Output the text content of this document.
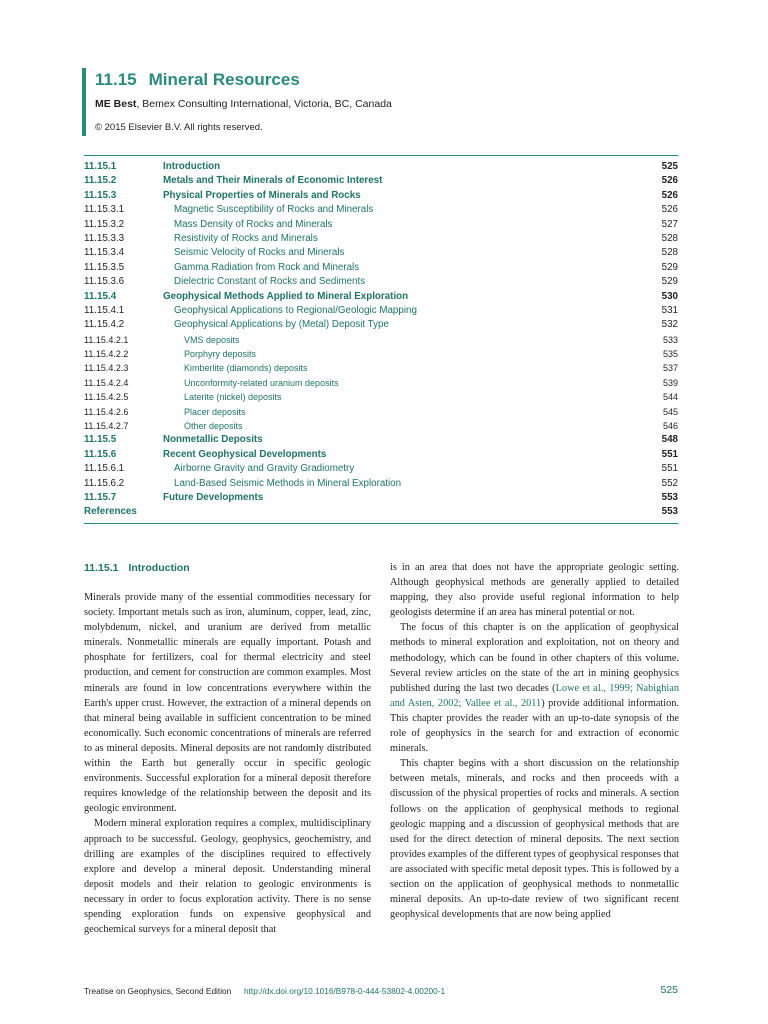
11.15 Mineral Resources
ME Best, Bemex Consulting International, Victoria, BC, Canada
© 2015 Elsevier B.V. All rights reserved.
11.15.1	Introduction	525
11.15.2	Metals and Their Minerals of Economic Interest	526
11.15.3	Physical Properties of Minerals and Rocks	526
11.15.3.1	Magnetic Susceptibility of Rocks and Minerals	526
11.15.3.2	Mass Density of Rocks and Minerals	527
11.15.3.3	Resistivity of Rocks and Minerals	528
11.15.3.4	Seismic Velocity of Rocks and Minerals	528
11.15.3.5	Gamma Radiation from Rock and Minerals	529
11.15.3.6	Dielectric Constant of Rocks and Sediments	529
11.15.4	Geophysical Methods Applied to Mineral Exploration	530
11.15.4.1	Geophysical Applications to Regional/Geologic Mapping	531
11.15.4.2	Geophysical Applications by (Metal) Deposit Type	532
11.15.4.2.1	VMS deposits	533
11.15.4.2.2	Porphyry deposits	535
11.15.4.2.3	Kimberlite (diamonds) deposits	537
11.15.4.2.4	Unconformity-related uranium deposits	539
11.15.4.2.5	Laterite (nickel) deposits	544
11.15.4.2.6	Placer deposits	545
11.15.4.2.7	Other deposits	546
11.15.5	Nonmetallic Deposits	548
11.15.6	Recent Geophysical Developments	551
11.15.6.1	Airborne Gravity and Gravity Gradiometry	551
11.15.6.2	Land-Based Seismic Methods in Mineral Exploration	552
11.15.7	Future Developments	553
References	553
11.15.1 Introduction

Minerals provide many of the essential commodities necessary for society. Important metals such as iron, aluminum, copper, lead, zinc, molybdenum, nickel, and uranium are derived from metallic minerals. Nonmetallic minerals are equally important. Potash and phosphate for fertilizers, coal for thermal electricity and steel production, and cement for construction are common examples. Most minerals are found in low concentrations everywhere within the Earth's upper crust. However, the extraction of a mineral depends on that mineral being available in sufficient concentration to be mined economically. Such economic concentrations of minerals are referred to as mineral deposits. Mineral deposits are not randomly distributed within the Earth but generally occur in specific geologic environments. Successful exploration for a mineral deposit therefore requires knowledge of the relationship between the deposit and its geologic environment.

Modern mineral exploration requires a complex, multidisciplinary approach to be successful. Geology, geophysics, geochemistry, and drilling are examples of the disciplines required to effectively explore and develop a mineral deposit. Understanding mineral deposit models and their relation to geologic environments is necessary in order to focus exploration activity. There is no sense spending exploration funds on expensive geophysical and geochemical surveys for a mineral deposit that

is in an area that does not have the appropriate geologic setting. Although geophysical methods are generally applied to detailed mapping, they also provide useful regional information to help geologists determine if an area has mineral potential or not.

The focus of this chapter is on the application of geophysical methods to mineral exploration and exploitation, not on theory and methodology, which can be found in other chapters of this volume. Several review articles on the state of the art in mining geophysics published during the last two decades (Lowe et al., 1999; Nabighian and Asten, 2002; Vallee et al., 2011) provide additional information. This chapter provides the reader with an up-to-date synopsis of the role of geophysics in the search for and extraction of economic minerals.

This chapter begins with a short discussion on the relationship between metals, minerals, and rocks and then proceeds with a discussion of the physical properties of rocks and minerals. A section follows on the application of geophysical methods to regional geologic mapping and a discussion of geophysical methods that are used for the direct detection of mineral deposits. The next section provides examples of the different types of geophysical responses that are associated with specific metal deposit types. This is followed by a section on the application of geophysical methods to nonmetallic mineral deposits. An up-to-date review of two significant recent geophysical developments that are now being applied

Treatise on Geophysics, Second Edition http://dx.doi.org/10.1016/B978-0-444-53802-4.00200-1	525
